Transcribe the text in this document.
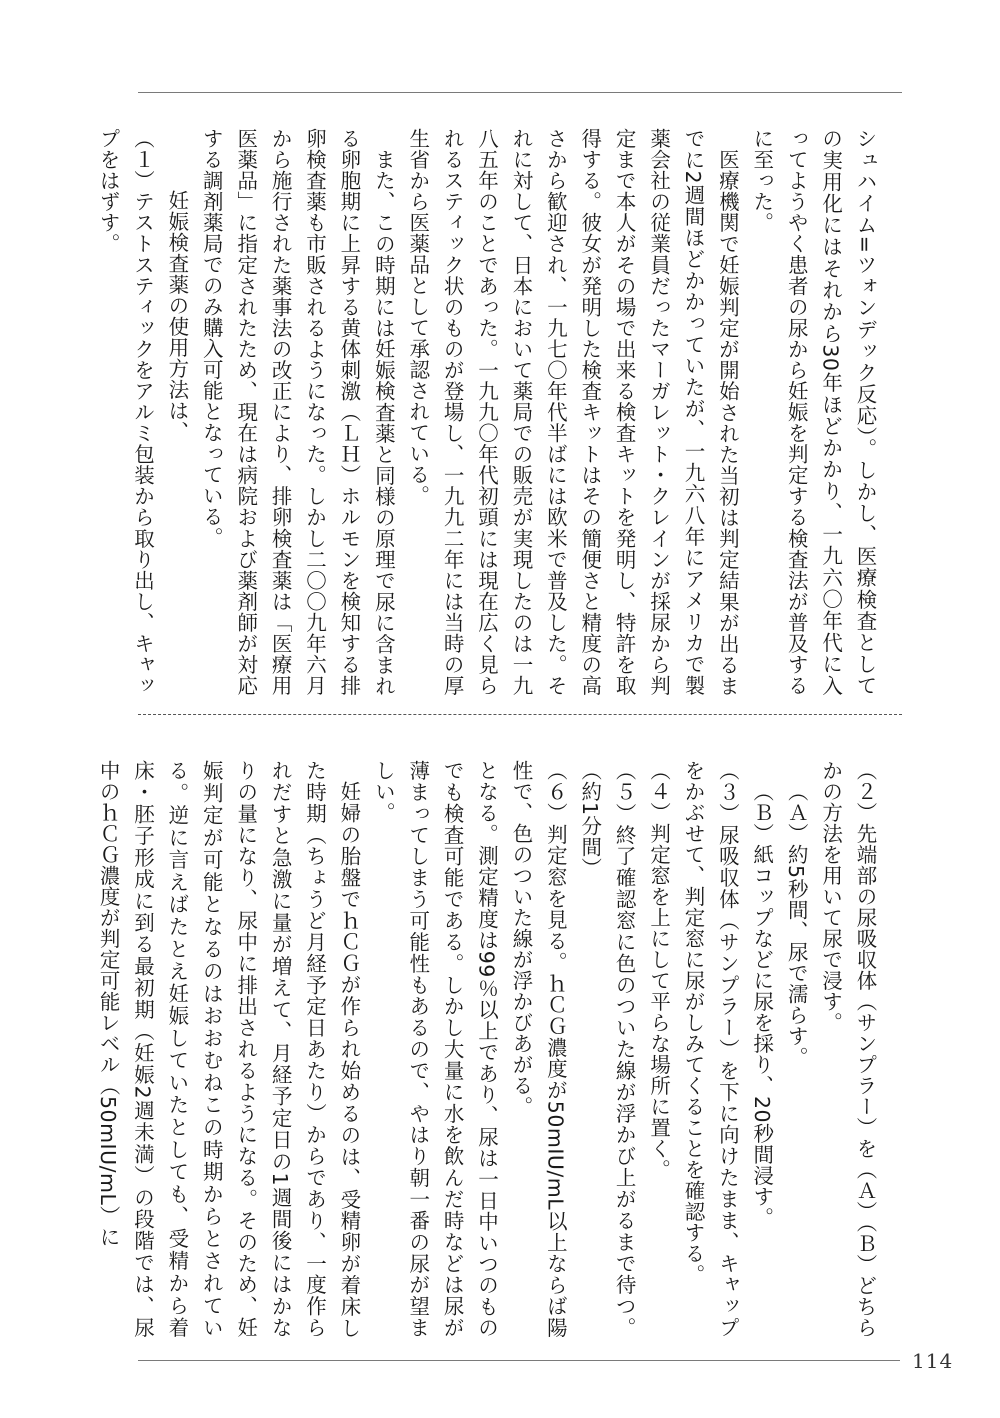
シュハイム=ツォンデック反応）。しかし、医療検査としての実用化にはそれから30年ほどかかり、一九六〇年代に入ってようやく患者の尿から妊娠を判定する検査法が普及するに至った。

医療機関で妊娠判定が開始された当初は判定結果が出るまでに2週間ほどかかっていたが、一九六八年にアメリカで製薬会社の従業員だったマーガレット・クレインが採尿から判定まで本人がその場で出来る検査キットを発明し、特許を取得する。彼女が発明した検査キットはその簡便さと精度の高さから歓迎され、一九七〇年代半ばには欧米で普及した。それに対して、日本において薬局での販売が実現したのは一九八五年のことであった。一九九〇年代初頭には現在広く見られるスティック状のものが登場し、一九九二年には当時の厚生省から医薬品として承認されている。

また、この時期には妊娠検査薬と同様の原理で尿に含まれる卵胞期に上昇する黄体刺激（ＬＨ）ホルモンを検知する排卵検査薬も市販されるようになった。しかし二〇〇九年六月から施行された薬事法の改正により、排卵検査薬は「医療用医薬品」に指定されたため、現在は病院および薬剤師が対応する調剤薬局でのみ購入可能となっている。

妊娠検査薬の使用方法は、

（１）テストスティックをアルミ包装から取り出し、キャップをはずす。

（２）先端部の尿吸収体（サンプラー）を（Ａ）（Ｂ）どちらかの方法を用いて尿で浸す。

（Ａ）約5秒間、尿で濡らす。

（Ｂ）紙コップなどに尿を採り、20秒間浸す。

（３）尿吸収体（サンプラー）を下に向けたまま、キャップをかぶせて、判定窓に尿がしみてくることを確認する。

（４）判定窓を上にして平らな場所に置く。

（５）終了確認窓に色のついた線が浮かび上がるまで待つ。（約1分間）

（６）判定窓を見る。ｈＣＧ濃度が50mIU/mL以上ならば陽性で、色のついた線が浮かびあがる。

となる。測定精度は99％以上であり、尿は一日中いつのものでも検査可能である。しかし大量に水を飲んだ時などは尿が薄まってしまう可能性もあるので、やはり朝一番の尿が望ましい。

妊婦の胎盤でｈＣＧが作られ始めるのは、受精卵が着床した時期（ちょうど月経予定日あたり）からであり、一度作られだすと急激に量が増えて、月経予定日の1週間後にはかなりの量になり、尿中に排出されるようになる。そのため、妊娠判定が可能となるのはおおむねこの時期からとされている。逆に言えばたとえ妊娠していたとしても、受精から着床・胚子形成に到る最初期（妊娠2週未満）の段階では、尿中のｈＣＧ濃度が判定可能レベル（50mIU/mL）に

114
